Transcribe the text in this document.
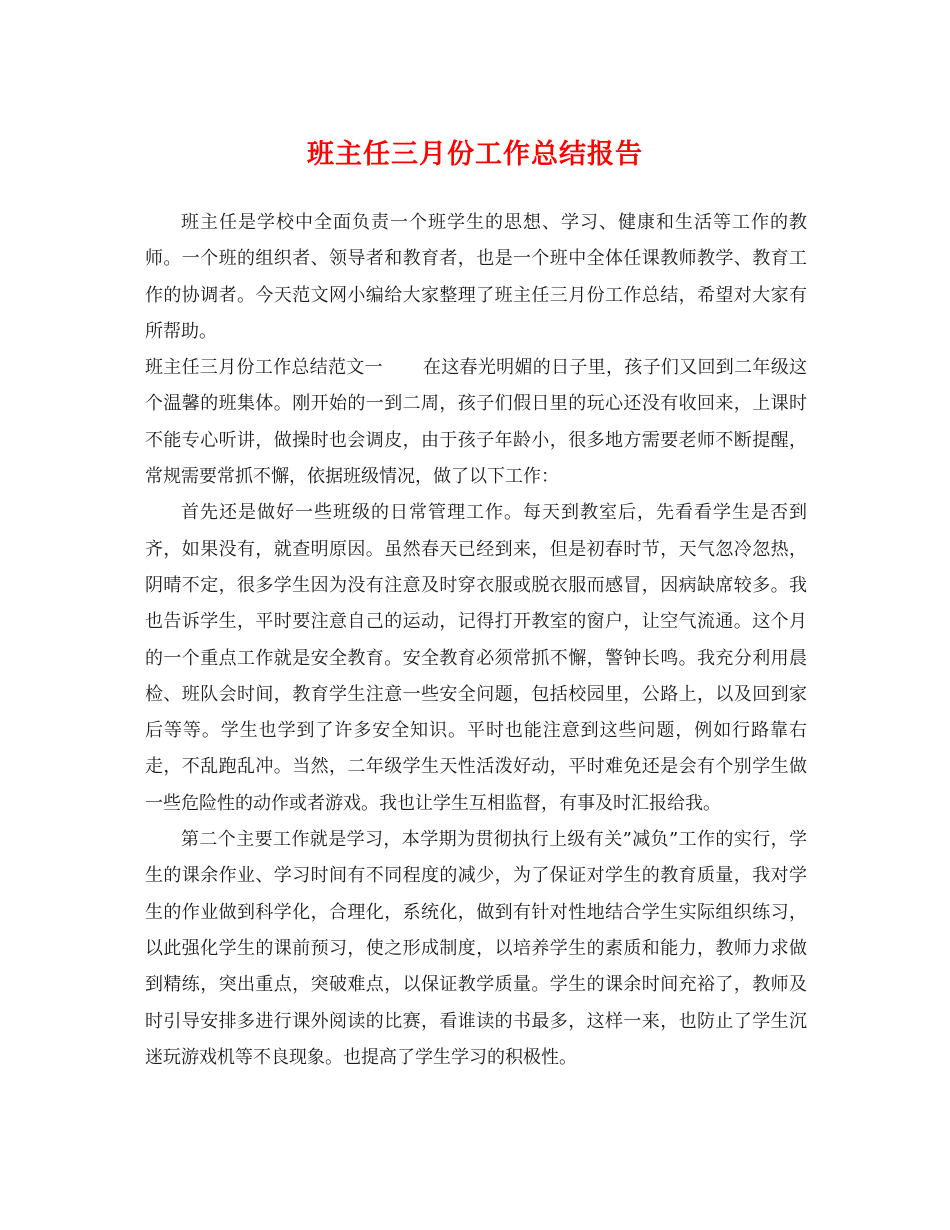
班主任三月份工作总结报告

班主任是学校中全面负责一个班学生的思想、学习、健康和生活等工作的教师。一个班的组织者、领导者和教育者，也是一个班中全体任课教师教学、教育工作的协调者。今天范文网小编给大家整理了班主任三月份工作总结，希望对大家有所帮助。

班主任三月份工作总结范文一 在这春光明媚的日子里，孩子们又回到二年级这个温馨的班集体。刚开始的一到二周，孩子们假日里的玩心还没有收回来，上课时不能专心听讲，做操时也会调皮，由于孩子年龄小，很多地方需要老师不断提醒，常规需要常抓不懈，依据班级情况，做了以下工作：

首先还是做好一些班级的日常管理工作。每天到教室后，先看看学生是否到齐，如果没有，就查明原因。虽然春天已经到来，但是初春时节，天气忽冷忽热，阴晴不定，很多学生因为没有注意及时穿衣服或脱衣服而感冒，因病缺席较多。我也告诉学生，平时要注意自己的运动，记得打开教室的窗户，让空气流通。这个月的一个重点工作就是安全教育。安全教育必须常抓不懈，警钟长鸣。我充分利用晨检、班队会时间，教育学生注意一些安全问题，包括校园里，公路上，以及回到家后等等。学生也学到了许多安全知识。平时也能注意到这些问题，例如行路靠右走，不乱跑乱冲。当然，二年级学生天性活泼好动，平时难免还是会有个别学生做一些危险性的动作或者游戏。我也让学生互相监督，有事及时汇报给我。

第二个主要工作就是学习，本学期为贯彻执行上级有关”减负”工作的实行，学生的课余作业、学习时间有不同程度的减少，为了保证对学生的教育质量，我对学生的作业做到科学化，合理化，系统化，做到有针对性地结合学生实际组织练习，以此强化学生的课前预习，使之形成制度，以培养学生的素质和能力，教师力求做到精练，突出重点，突破难点，以保证教学质量。学生的课余时间充裕了，教师及时引导安排多进行课外阅读的比赛，看谁读的书最多，这样一来，也防止了学生沉迷玩游戏机等不良现象。也提高了学生学习的积极性。
